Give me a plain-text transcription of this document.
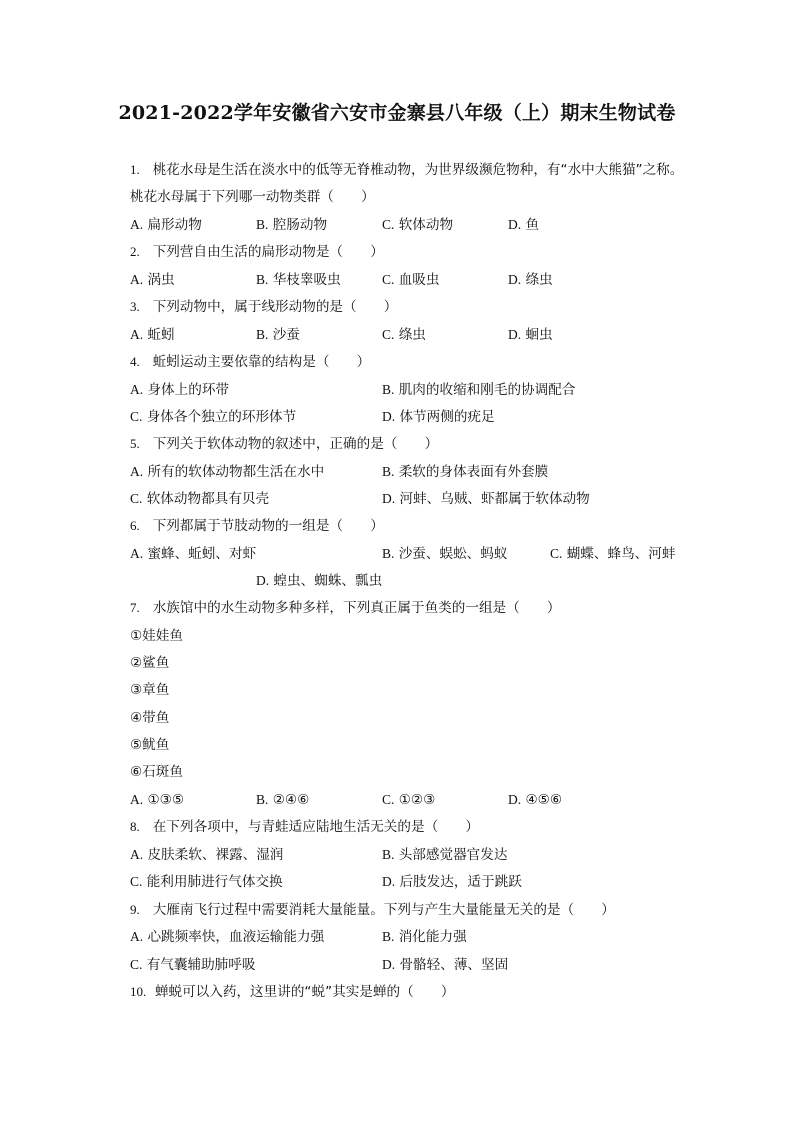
2021-2022学年安徽省六安市金寨县八年级（上）期末生物试卷
1. 桃花水母是生活在淡水中的低等无脊椎动物，为世界级濒危物种，有“水中大熊猫”之称。
桃花水母属于下列哪一动物类群（　　）
A. 扁形动物	B. 腔肠动物	C. 软体动物	D. 鱼
2. 下列营自由生活的扁形动物是（　　）
A. 涡虫	B. 华枝睾吸虫	C. 血吸虫	D. 绦虫
3. 下列动物中，属于线形动物的是（　　）
A. 蚯蚓	B. 沙蚕	C. 绦虫	D. 蛔虫
4. 蚯蚓运动主要依靠的结构是（　　）
A. 身体上的环带	B. 肌肉的收缩和刚毛的协调配合
C. 身体各个独立的环形体节	D. 体节两侧的疣足
5. 下列关于软体动物的叙述中，正确的是（　　）
A. 所有的软体动物都生活在水中	B. 柔软的身体表面有外套膜
C. 软体动物都具有贝壳	D. 河蚌、乌贼、虾都属于软体动物
6. 下列都属于节肢动物的一组是（　　）
A. 蜜蜂、蚯蚓、对虾	B. 沙蚕、蜈蚣、蚂蚁	C. 蝴蝶、蜂鸟、河蚌
D. 蝗虫、蜘蛛、瓢虫
7. 水族馆中的水生动物多种多样，下列真正属于鱼类的一组是（　　）
①娃娃鱼
②鲨鱼
③章鱼
④带鱼
⑤鱿鱼
⑥石斑鱼
A. ①③⑤	B. ②④⑥	C. ①②③	D. ④⑤⑥
8. 在下列各项中，与青蛙适应陆地生活无关的是（　　）
A. 皮肤柔软、裸露、湿润	B. 头部感觉器官发达
C. 能利用肺进行气体交换	D. 后肢发达，适于跳跃
9. 大雁南飞行过程中需要消耗大量能量。下列与产生大量能量无关的是（　　）
A. 心跳频率快，血液运输能力强	B. 消化能力强
C. 有气囊辅助肺呼吸	D. 骨骼轻、薄、坚固
10. 蝉蜕可以入药，这里讲的“蜕”其实是蝉的（　　）
